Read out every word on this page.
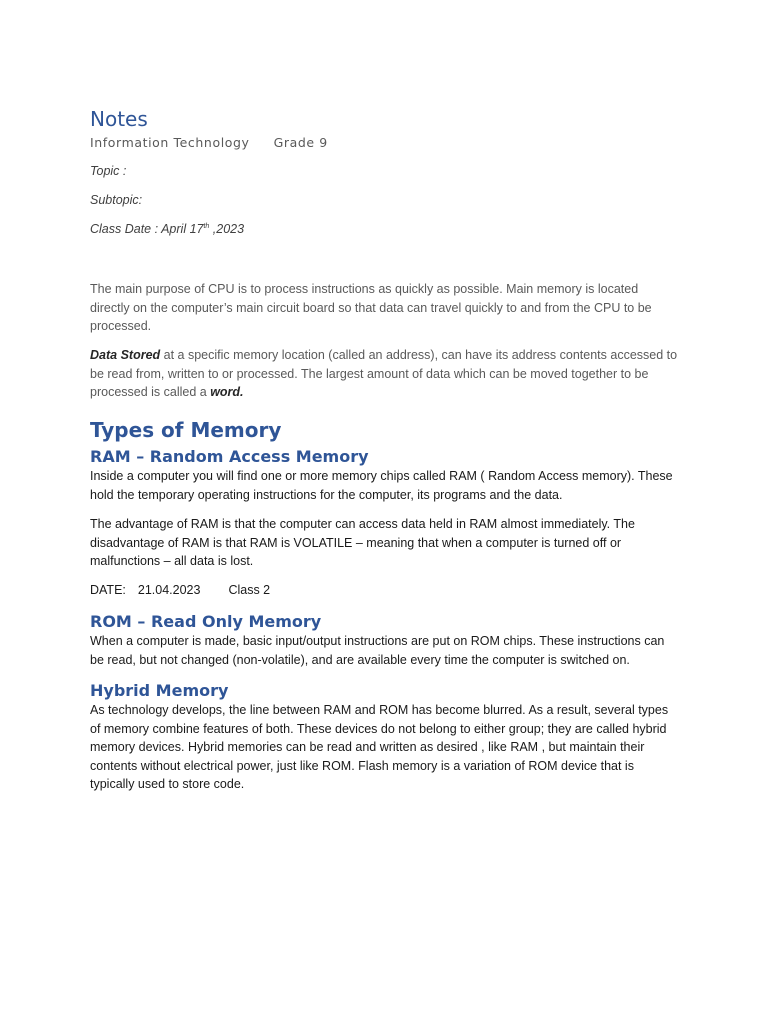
Notes
Information Technology Grade 9
Topic :
Subtopic:
Class Date : April 17th ,2023

The main purpose of CPU is to process instructions as quickly as possible. Main memory is located directly on the computer’s main circuit board so that data can travel quickly to and from the CPU to be processed.

Data Stored at a specific memory location (called an address), can have its address contents accessed to be read from, written to or processed. The largest amount of data which can be moved together to be processed is called a word.

Types of Memory
RAM – Random Access Memory

Inside a computer you will find one or more memory chips called RAM ( Random Access memory). These hold the temporary operating instructions for the computer, its programs and the data.

The advantage of RAM is that the computer can access data held in RAM almost immediately. The disadvantage of RAM is that RAM is VOLATILE – meaning that when a computer is turned off or malfunctions – all data is lost.

DATE: 21.04.2023 Class 2
ROM – Read Only Memory

When a computer is made, basic input/output instructions are put on ROM chips. These instructions can be read, but not changed (non-volatile), and are available every time the computer is switched on.

Hybrid Memory

As technology develops, the line between RAM and ROM has become blurred. As a result, several types of memory combine features of both. These devices do not belong to either group; they are called hybrid memory devices. Hybrid memories can be read and written as desired , like RAM , but maintain their contents without electrical power, just like ROM. Flash memory is a variation of ROM device that is typically used to store code.
